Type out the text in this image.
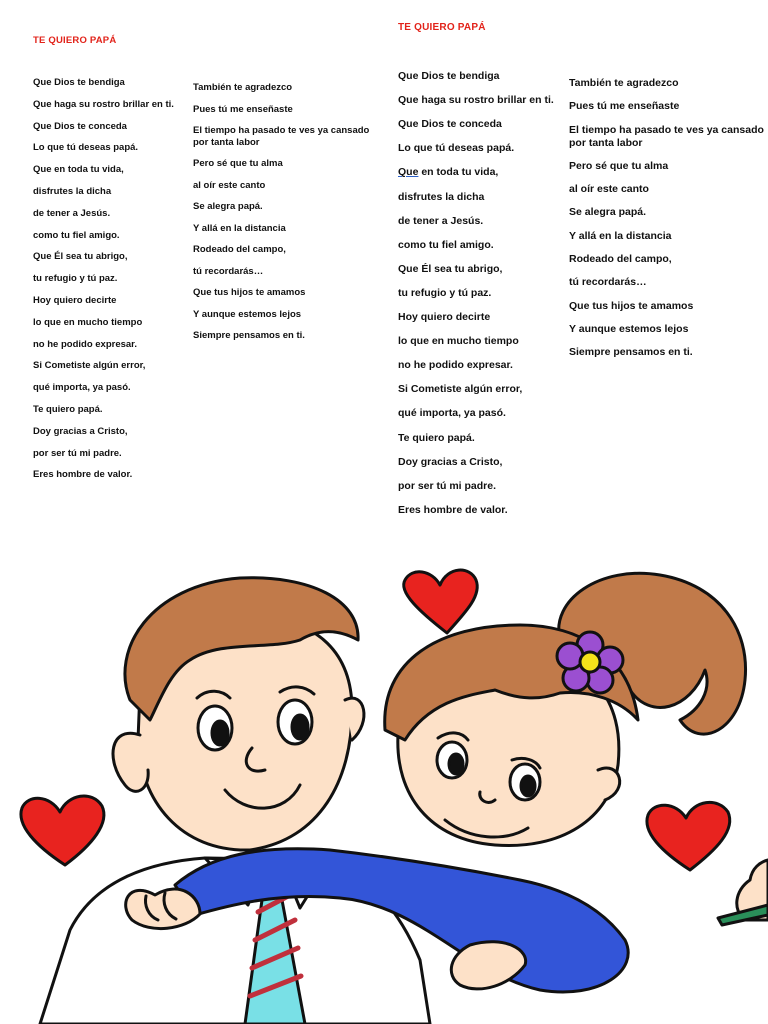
TE QUIERO PAPÁ
Que Dios te bendiga
Que haga su rostro brillar en ti.
Que Dios te conceda
Lo que tú deseas papá.
Que en toda tu vida,
disfrutes la dicha
de tener a Jesús.
como tu fiel amigo.
Que Él sea tu abrigo,
tu refugio y tú paz.
Hoy quiero decirte
lo que en mucho tiempo
no he podido expresar.
Si Cometiste algún error,
qué importa, ya pasó.
Te quiero papá.
Doy gracias a Cristo,
por ser tú mi padre.
Eres hombre de valor.
También te agradezco
Pues tú me enseñaste
El tiempo ha pasado te ves ya cansado por tanta labor
Pero sé que tu alma
al oír este canto
Se alegra papá.
Y allá en la distancia
Rodeado del campo,
tú recordarás…
Que tus hijos te amamos
Y aunque estemos lejos
Siempre pensamos en ti.
TE QUIERO PAPÁ
Que Dios te bendiga
Que haga su rostro brillar en ti.
Que Dios te conceda
Lo que tú deseas papá.
Que en toda tu vida,
disfrutes la dicha
de tener a Jesús.
como tu fiel amigo.
Que Él sea tu abrigo,
tu refugio y tú paz.
Hoy quiero decirte
lo que en mucho tiempo
no he podido expresar.
Si Cometiste algún error,
qué importa, ya pasó.
Te quiero papá.
Doy gracias a Cristo,
por ser tú mi padre.
Eres hombre de valor.
También te agradezco
Pues tú me enseñaste
El tiempo ha pasado te ves ya cansado por tanta labor
Pero sé que tu alma
al oír este canto
Se alegra papá.
Y allá en la distancia
Rodeado del campo,
tú recordarás…
Que tus hijos te amamos
Y aunque estemos lejos
Siempre pensamos en ti.
